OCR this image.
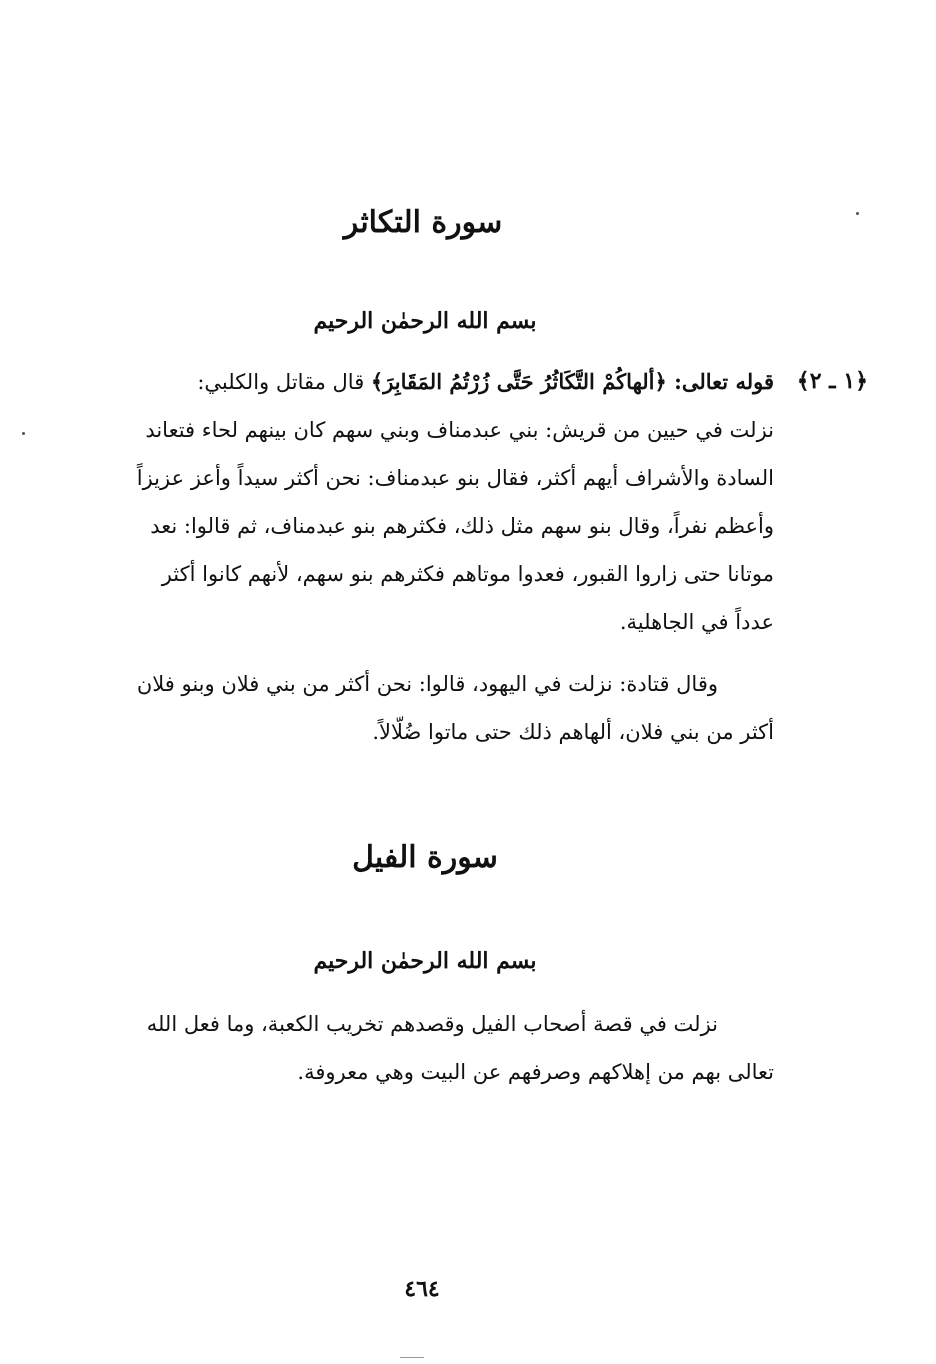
سورة التكاثر
بسم الله الرحمٰن الرحيم
﴿١ ـ ٢﴾
قوله تعالى: ﴿ألهاكُمْ التَّكَاثُرُ حَتَّى زُرْتُمُ المَقَابِرَ﴾ قال مقاتل والكلبي:
نزلت في حيين من قريش: بني عبدمناف وبني سهم كان بينهم لحاء فتعاند
السادة والأشراف أيهم أكثر، فقال بنو عبدمناف: نحن أكثر سيداً وأعز عزيزاً
وأعظم نفراً، وقال بنو سهم مثل ذلك، فكثرهم بنو عبدمناف، ثم قالوا: نعد
موتانا حتى زاروا القبور، فعدوا موتاهم فكثرهم بنو سهم، لأنهم كانوا أكثر
عدداً في الجاهلية.
وقال قتادة: نزلت في اليهود، قالوا: نحن أكثر من بني فلان وبنو فلان
أكثر من بني فلان، ألهاهم ذلك حتى ماتوا ضُلّالاً.
سورة الفيل
بسم الله الرحمٰن الرحيم
نزلت في قصة أصحاب الفيل وقصدهم تخريب الكعبة، وما فعل الله
تعالى بهم من إهلاكهم وصرفهم عن البيت وهي معروفة.
٤٦٤
